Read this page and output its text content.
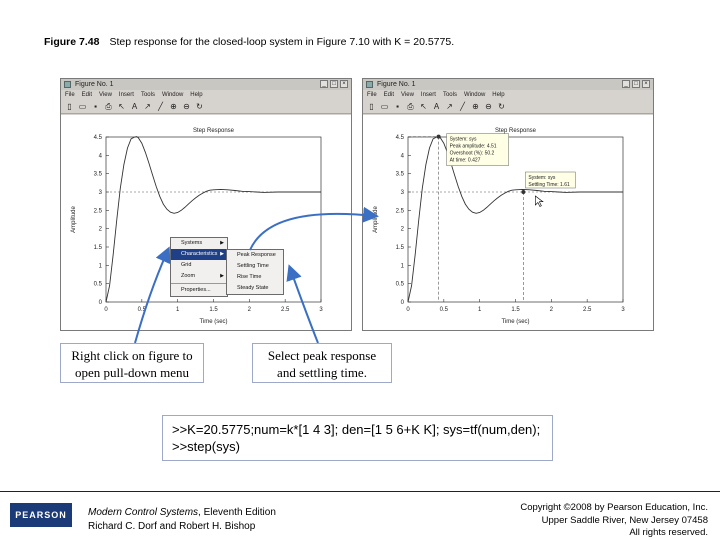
Figure 7.48 Step response for the closed-loop system in Figure 7.10 with K = 20.5775.
Figure No. 1	_	□	×
File Edit View Insert Tools Window Help
▯ ▭ ▪	⎙ ↖ A ↗ ╱ ⊕ ⊖ ↻
Step Response
Time (sec)
Amplitude
0	0.5	1	1.5	2	2.5	3
0
0.5
1
1.5
2
2.5
3
3.5
4
4.5
Figure No. 1	_	□	×
File Edit View Insert Tools Window Help
▯ ▭ ▪	⎙ ↖ A ↗ ╱ ⊕ ⊖ ↻
Step Response
Time (sec)
Amplitude
0	0.5	1	1.5	2	2.5	3
0
0.5
1
1.5
2
2.5
3
3.5
4
4.5	System: sys
Peak amplitude: 4.51
Overshoot (%): 50.2
At time: 0.427
System: sys
Settling Time: 1.61
Systems	▶
Characteristics ▶
Grid
Zoom	▶
Properties...
Peak Response
Settling Time
Rise Time
Steady State
Right click on figure to
open pull-down menu
Select peak response
and settling time.
>>K=20.5775;num=k*[1 4 3]; den=[1 5 6+K K]; sys=tf(num,den);
>>step(sys)
PEARSON	Modern Control Systems, Eleventh Edition
Richard C. Dorf and Robert H. Bishop
Copyright ©2008 by Pearson Education, Inc.
Upper Saddle River, New Jersey 07458
All rights reserved.
